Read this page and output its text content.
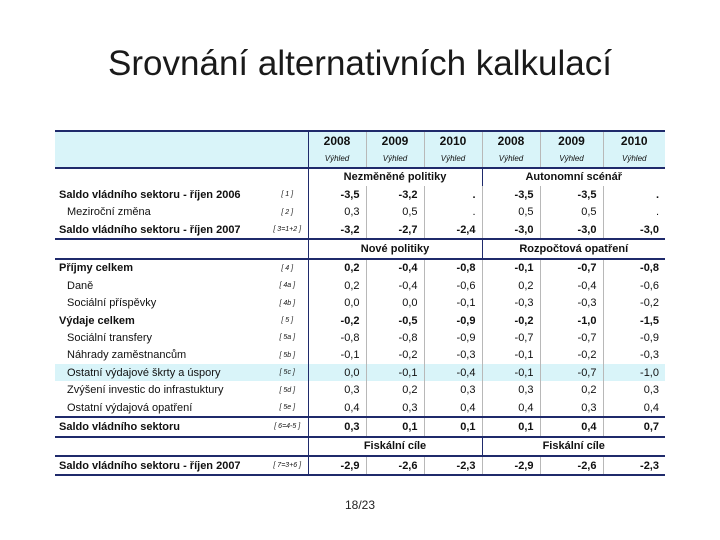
Srovnání alternativních kalkulací
		2008	2009	2010	2008	2009	2010
		Výhled	Výhled	Výhled	Výhled	Výhled	Výhled
		Nezměněné politiky			Autonomní scénář		
Saldo vládního sektoru - říjen 2006	[ 1 ]	-3,5	-3,2	.	-3,5	-3,5	.
Meziroční změna	[ 2 ]	0,3	0,5	.	0,5	0,5	.
Saldo vládního sektoru - říjen 2007	[ 3=1+2 ]	-3,2	-2,7	-2,4	-3,0	-3,0	-3,0
		Nové politiky			Rozpočtová opatření		
Příjmy celkem	[ 4 ]	0,2	-0,4	-0,8	-0,1	-0,7	-0,8
Daně	[ 4a ]	0,2	-0,4	-0,6	0,2	-0,4	-0,6
Sociální příspěvky	[ 4b ]	0,0	0,0	-0,1	-0,3	-0,3	-0,2
Výdaje celkem	[ 5 ]	-0,2	-0,5	-0,9	-0,2	-1,0	-1,5
Sociální transfery	[ 5a ]	-0,8	-0,8	-0,9	-0,7	-0,7	-0,9
Náhrady zaměstnancům	[ 5b ]	-0,1	-0,2	-0,3	-0,1	-0,2	-0,3
Ostatní výdajové škrty a úspory	[ 5c ]	0,0	-0,1	-0,4	-0,1	-0,7	-1,0
Zvýšení investic do infrastuktury	[ 5d ]	0,3	0,2	0,3	0,3	0,2	0,3
Ostatní výdajová opatření	[ 5e ]	0,4	0,3	0,4	0,4	0,3	0,4
Saldo vládního sektoru	[ 6=4-5 ]	0,3	0,1	0,1	0,1	0,4	0,7
		Fiskální cíle			Fiskální cíle		
Saldo vládního sektoru - říjen 2007	[ 7=3+6 ]	-2,9	-2,6	-2,3	-2,9	-2,6	-2,3
18/23
